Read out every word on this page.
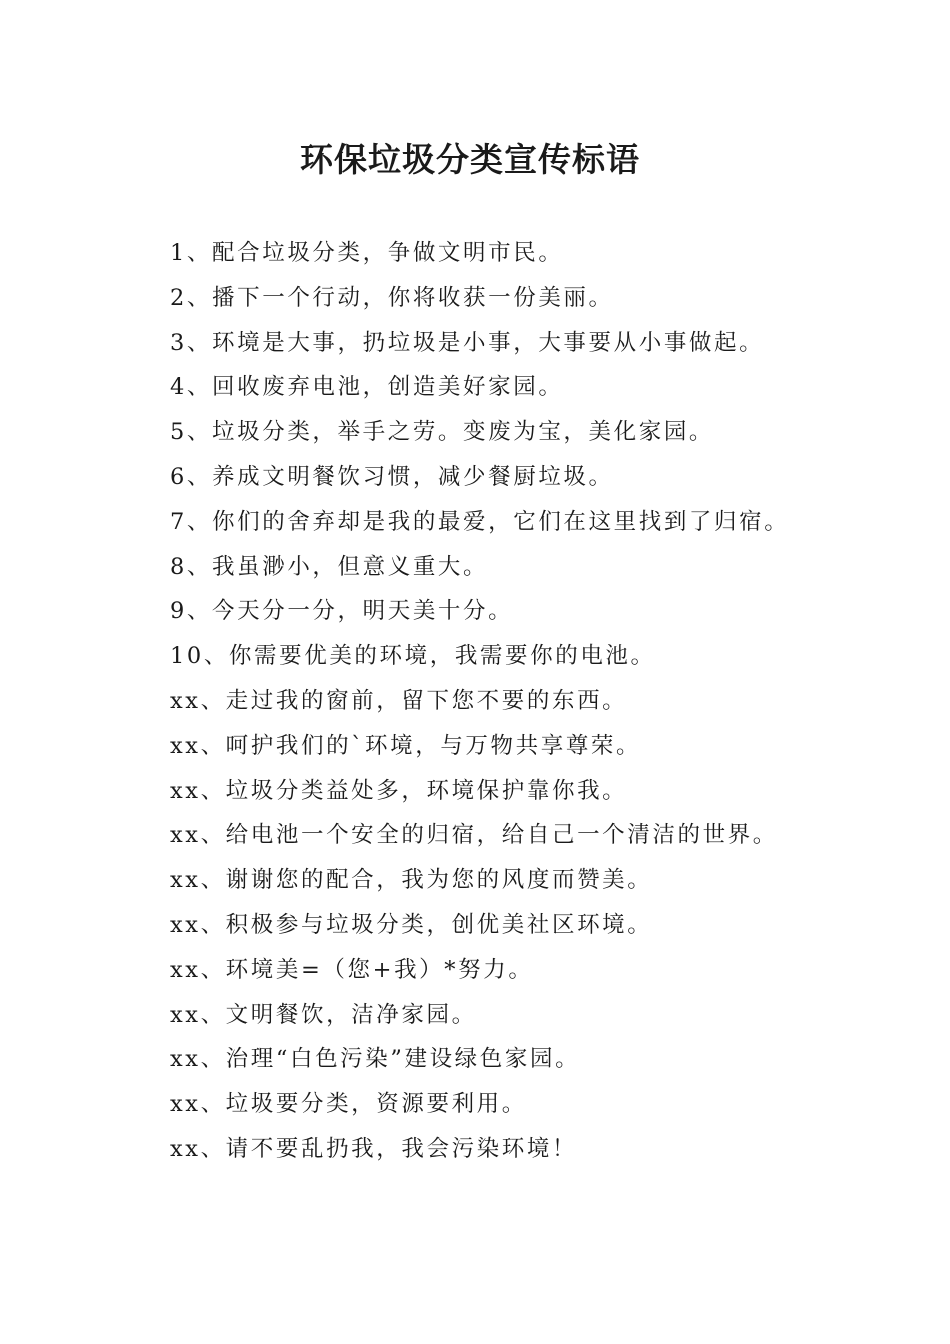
环保垃圾分类宣传标语
1、配合垃圾分类，争做文明市民。
2、播下一个行动，你将收获一份美丽。
3、环境是大事，扔垃圾是小事，大事要从小事做起。
4、回收废弃电池，创造美好家园。
5、垃圾分类，举手之劳。变废为宝，美化家园。
6、养成文明餐饮习惯，减少餐厨垃圾。
7、你们的舍弃却是我的最爱，它们在这里找到了归宿。
8、我虽渺小，但意义重大。
9、今天分一分，明天美十分。
10、你需要优美的环境，我需要你的电池。
xx、走过我的窗前，留下您不要的东西。
xx、呵护我们的`环境，与万物共享尊荣。
xx、垃圾分类益处多，环境保护靠你我。
xx、给电池一个安全的归宿，给自己一个清洁的世界。
xx、谢谢您的配合，我为您的风度而赞美。
xx、积极参与垃圾分类，创优美社区环境。
xx、环境美=（您+我）*努力。
xx、文明餐饮，洁净家园。
xx、治理“白色污染”建设绿色家园。
xx、垃圾要分类，资源要利用。
xx、请不要乱扔我，我会污染环境！
